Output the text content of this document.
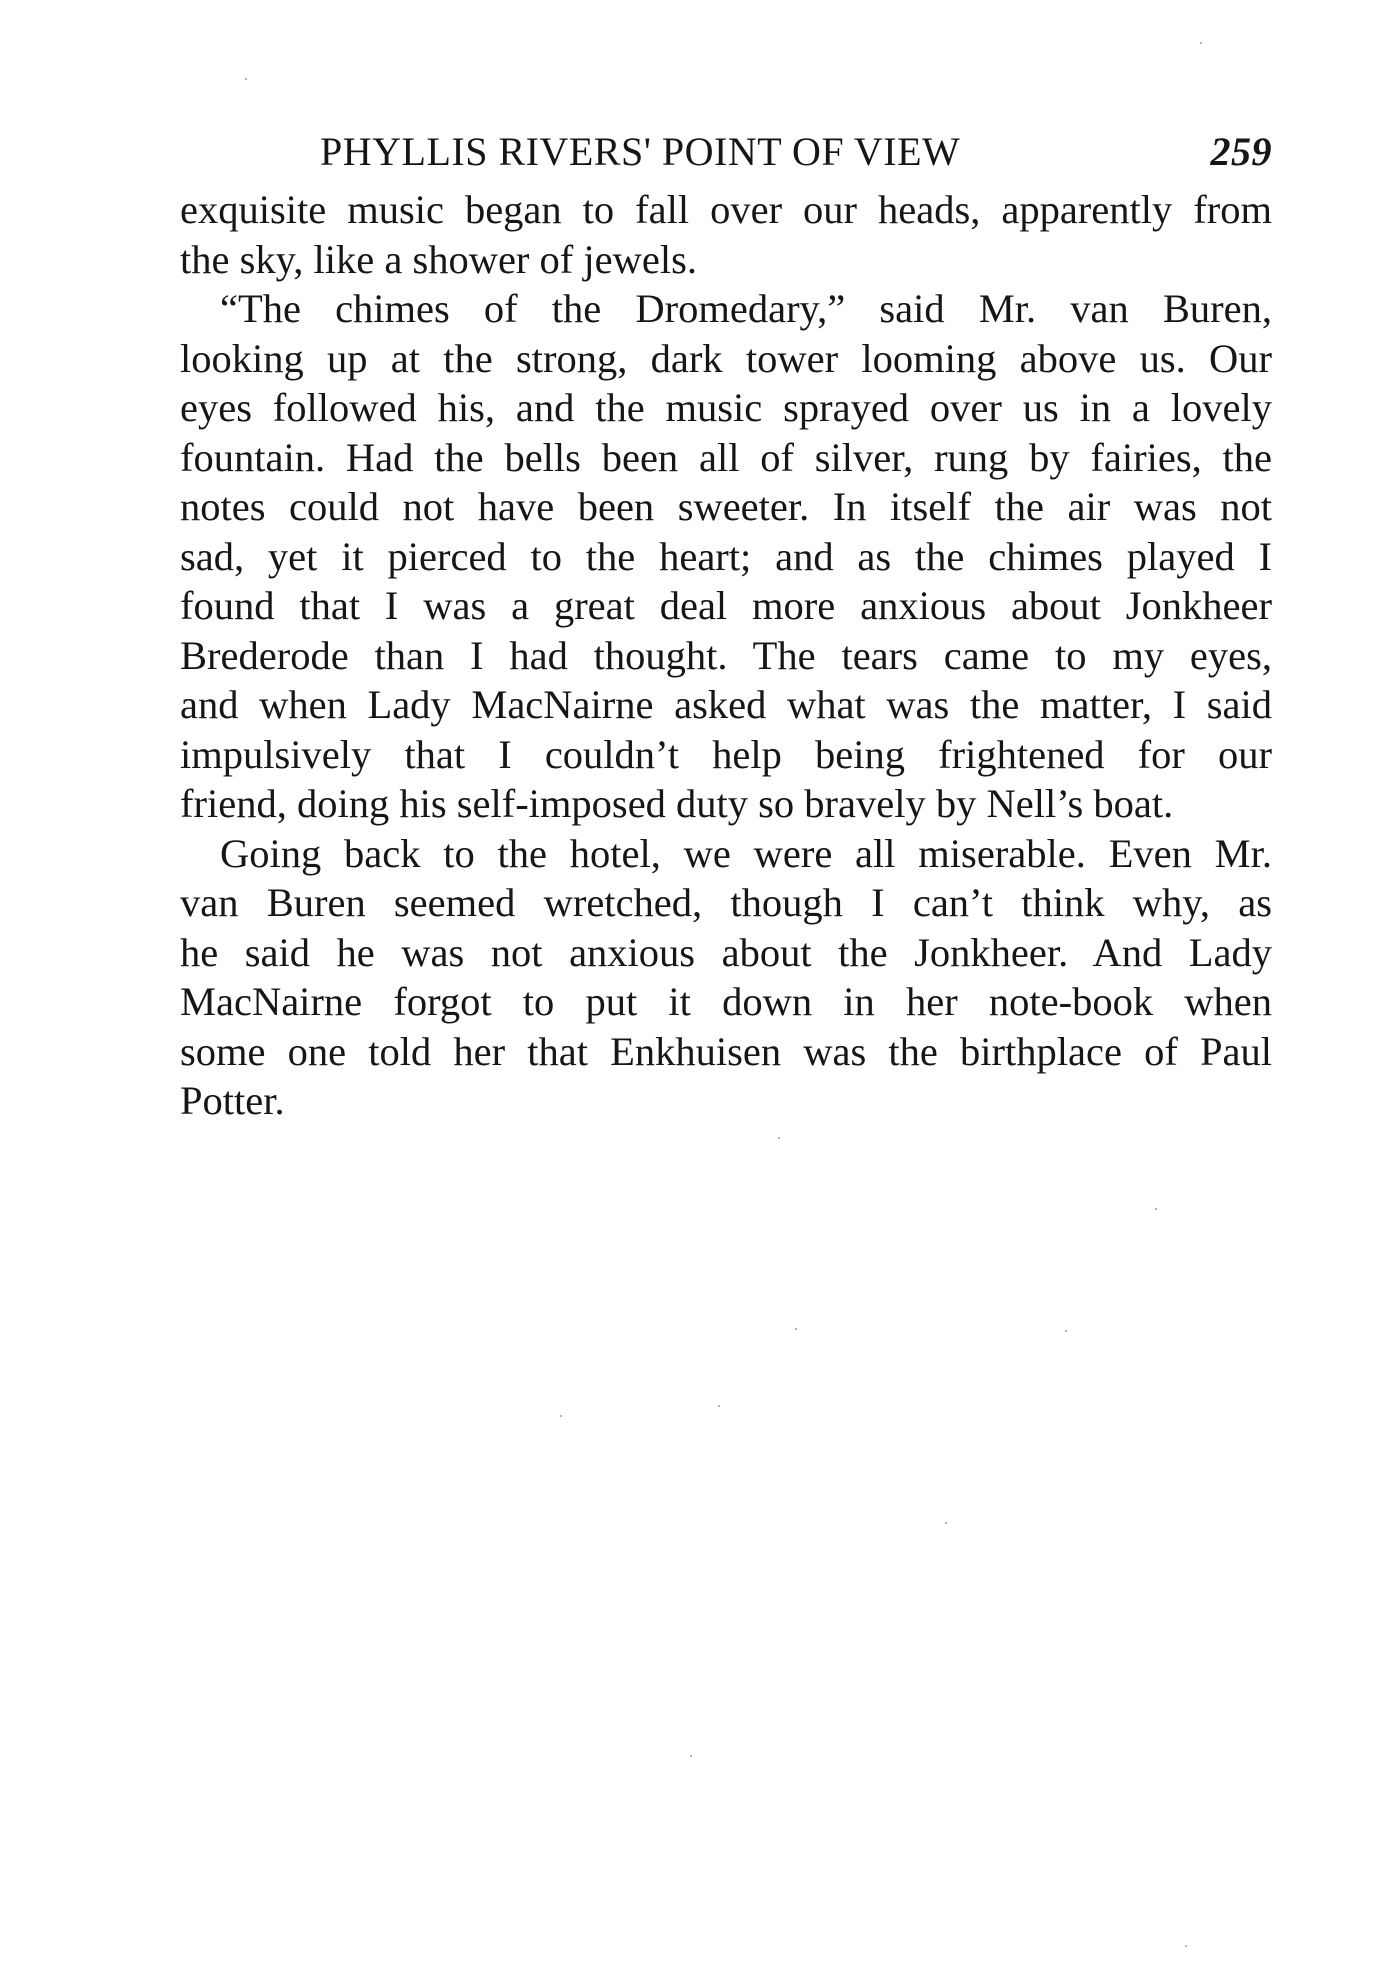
PHYLLIS RIVERS' POINT OF VIEW	259
exquisite music began to fall over our heads, apparently from
the sky, like a shower of jewels.
“The chimes of the Dromedary,” said Mr. van Buren,
looking up at the strong, dark tower looming above us. Our
eyes followed his, and the music sprayed over us in a lovely
fountain. Had the bells been all of silver, rung by fairies, the
notes could not have been sweeter. In itself the air was not
sad, yet it pierced to the heart; and as the chimes played I
found that I was a great deal more anxious about Jonkheer
Brederode than I had thought. The tears came to my eyes,
and when Lady MacNairne asked what was the matter, I said
impulsively that I couldn’t help being frightened for our
friend, doing his self-imposed duty so bravely by Nell’s boat.
Going back to the hotel, we were all miserable. Even Mr.
van Buren seemed wretched, though I can’t think why, as
he said he was not anxious about the Jonkheer. And Lady
MacNairne forgot to put it down in her note-book when
some one told her that Enkhuisen was the birthplace of Paul
Potter.
